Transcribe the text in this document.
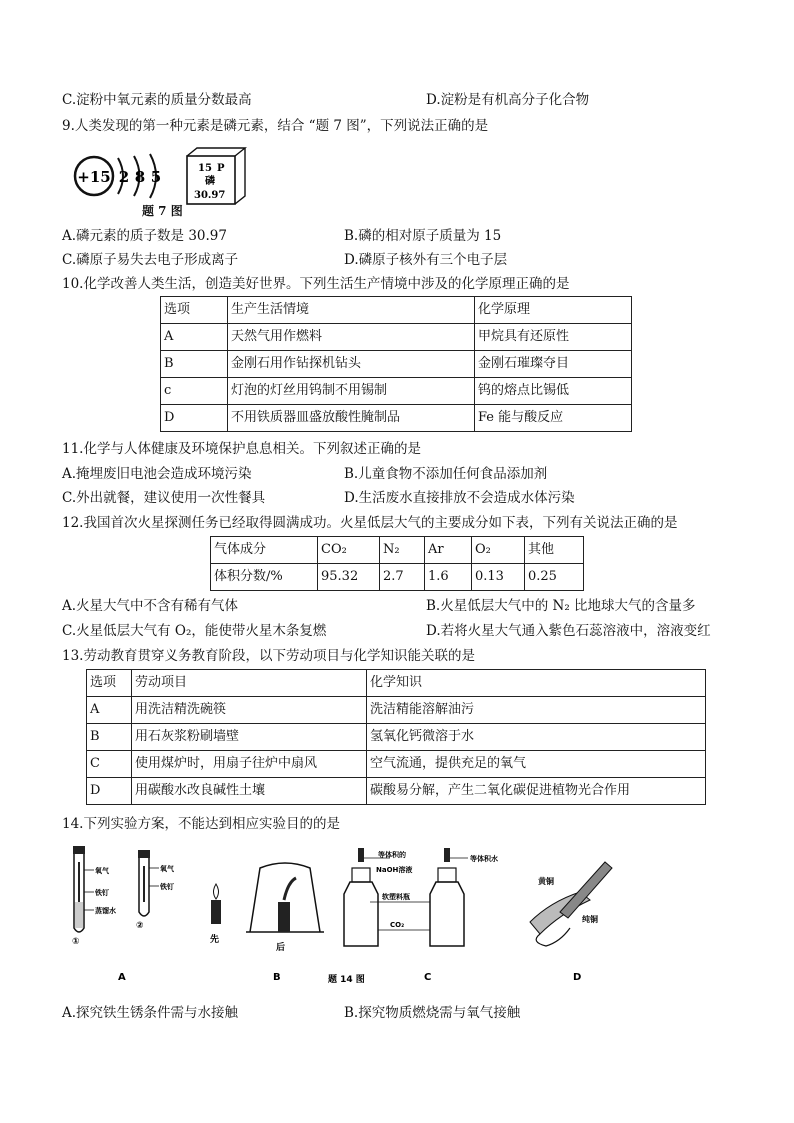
C.淀粉中氧元素的质量分数最高	D.淀粉是有机高分子化合物
9.人类发现的第一种元素是磷元素，结合 “题 7 图”，下列说法正确的是
+15 2 8 5	15 P
磷
30.97
题 7 图
A.磷元素的质子数是 30.97	B.磷的相对原子质量为 15
C.磷原子易失去电子形成离子	D.磷原子核外有三个电子层
10.化学改善人类生活，创造美好世界。下列生活生产情境中涉及的化学原理正确的是
选项	生产生活情境	化学原理
A	天然气用作燃料	甲烷具有还原性
B	金刚石用作钻探机钻头	金刚石璀璨夺目
c	灯泡的灯丝用钨制不用锡制	钨的熔点比锡低
D	不用铁质器皿盛放酸性腌制品	Fe 能与酸反应
11.化学与人体健康及环境保护息息相关。下列叙述正确的是
A.掩埋废旧电池会造成环境污染	B.儿童食物不添加任何食品添加剂
C.外出就餐，建议使用一次性餐具	D.生活废水直接排放不会造成水体污染
12.我国首次火星探测任务已经取得圆满成功。火星低层大气的主要成分如下表，下列有关说法正确的是
气体成分	CO₂	N₂	Ar	O₂	其他
体积分数/%	95.32	2.7	1.6	0.13	0.25
A.火星大气中不含有稀有气体	B.火星低层大气中的 N₂ 比地球大气的含量多
C.火星低层大气有 O₂，能使带火星木条复燃	D.若将火星大气通入紫色石蕊溶液中，溶液变红
13.劳动教育贯穿义务教育阶段，以下劳动项目与化学知识能关联的是
选项	劳动项目	化学知识
A	用洗洁精洗碗筷	洗洁精能溶解油污
B	用石灰浆粉刷墙壁	氢氧化钙微溶于水
C	使用煤炉时，用扇子往炉中扇风	空气流通，提供充足的氧气
D	用碳酸水改良碱性土壤	碳酸易分解，产生二氧化碳促进植物光合作用
14.下列实验方案，不能达到相应实验目的的是
氧气
铁钉
蒸馏水
①
氧气
铁钉
②
先
后
等体积的
NaOH溶液
等体积水
软塑料瓶
CO₂
黄铜
纯铜
A	B	C	D
题 14 图
A.探究铁生锈条件需与水接触	B.探究物质燃烧需与氧气接触
